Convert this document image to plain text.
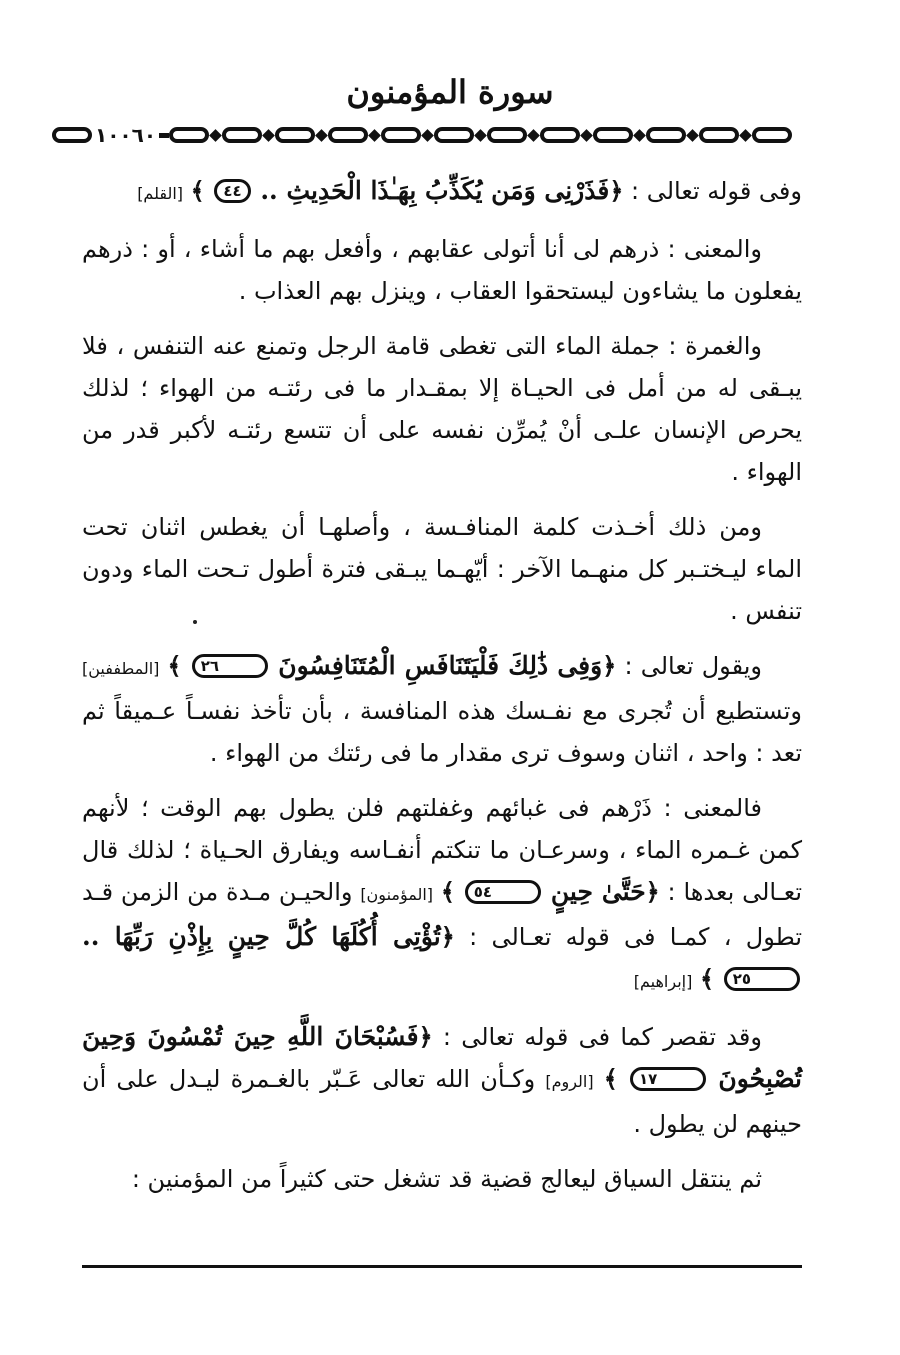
سورة المؤمنون
١٠٠٦٠

وفى قوله تعالى : ﴿فَذَرْنِى وَمَن يُكَذِّبُ بِهَـٰذَا الْحَدِيثِ .. ٤٤ ﴾ [القلم]

والمعنى : ذرهم لى أنا أتولى عقابهم ، وأفعل بهم ما أشاء ، أو : ذرهم يفعلون ما يشاءون ليستحقوا العقاب ، وينزل بهم العذاب .

والغمرة : جملة الماء التى تغطى قامة الرجل وتمنع عنه التنفس ، فلا يبـقى له من أمل فى الحيـاة إلا بمقـدار ما فى رئتـه من الهواء ؛ لذلك يحرص الإنسان علـى أنْ يُمرِّن نفسه على أن تتسع رئتـه لأكبر قدر من الهواء .

ومن ذلك أخـذت كلمة المنافـسة ، وأصلهـا أن يغطس اثنان تحت الماء ليـختـبر كل منهـما الآخر : أيّهـما يبـقى فترة أطول تـحت الماء ودون تنفس .

ويقول تعالى : ﴿وَفِى ذَٰلِكَ فَلْيَتَنَافَسِ الْمُتَنَافِسُونَ ٢٦ ﴾ [المطففين] وتستطيع أن تُجرى مع نفـسك هذه المنافسة ، بأن تأخذ نفسـاً عـميقاً ثم تعد : واحد ، اثنان وسوف ترى مقدار ما فى رئتك من الهواء .

فالمعنى : ذَرْهم فى غبائهم وغفلتهم فلن يطول بهم الوقت ؛ لأنهم كمن غـمره الماء ، وسرعـان ما تنكتم أنفـاسه ويفارق الحـياة ؛ لذلك قال تعـالى بعدها : ﴿حَتَّىٰ حِينٍ ٥٤ ﴾ [المؤمنون] والحيـن مـدة من الزمن قـد تطول ، كمـا فى قوله تعـالى : ﴿تُؤْتِى أُكُلَهَا كُلَّ حِينٍ بِإِذْنِ رَبِّهَا .. ٢٥ ﴾ [إبراهيم]

وقد تقصر كما فى قوله تعالى : ﴿فَسُبْحَانَ اللَّهِ حِينَ تُمْسُونَ وَحِينَ تُصْبِحُونَ ١٧ ﴾ [الروم] وكـأن الله تعالى عَـبّر بالغـمرة ليـدل على أن حينهم لن يطول .

ثم ينتقل السياق ليعالج قضية قد تشغل حتى كثيراً من المؤمنين :
